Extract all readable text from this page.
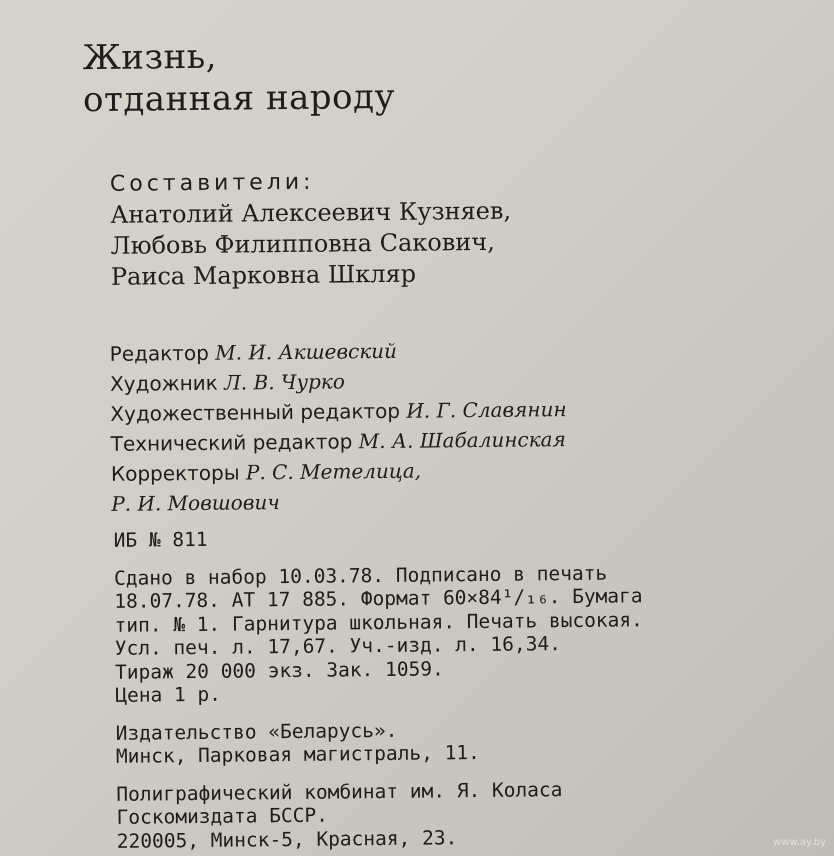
Жизнь,
отданная народу
Составители:
Анатолий Алексеевич Кузняев,
Любовь Филипповна Сакович,
Раиса Марковна Шкляр
Редактор М. И. Акшевский
Художник Л. В. Чурко
Художественный редактор И. Г. Славянин
Технический редактор М. А. Шабалинская
Корректоры Р. С. Метелица,
Р. И. Мовшович
ИБ № 811
Сдано в набор 10.03.78. Подписано в печать
18.07.78. АТ 17 885. Формат 60×84¹/₁₆. Бумага
тип. № 1. Гарнитура школьная. Печать высокая.
Усл. печ. л. 17,67. Уч.-изд. л. 16,34.
Тираж 20 000 экз. Зак. 1059.
Цена 1 р.
Издательство «Беларусь».
Минск, Парковая магистраль, 11.
Полиграфический комбинат им. Я. Коласа
Госкомиздата БССР.
220005, Минск-5, Красная, 23.	www.ay.by
